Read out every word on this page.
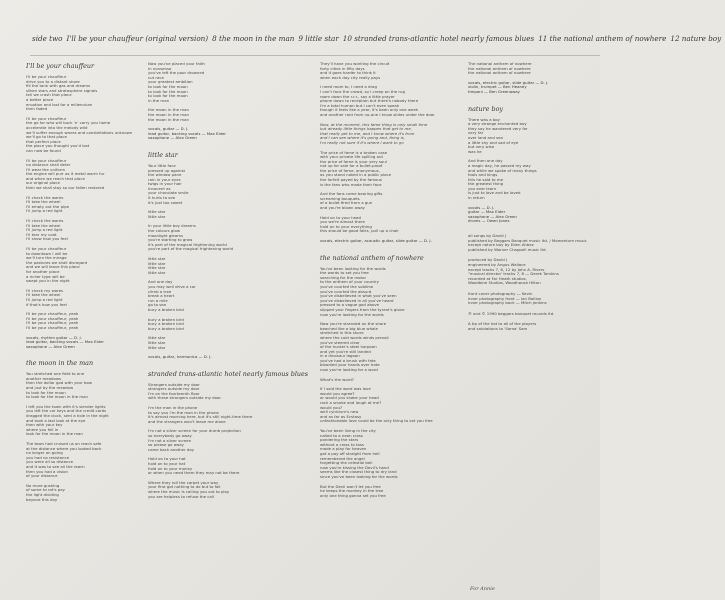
side two I'll be your chauffeur (original version) 8 the moon in the man 9 little star 10 stranded trans-atlantic hotel nearly famous blues 11 the national anthem of nowhere 12 nature boy
I'll be your chauffeur
I'll be your chauffeur
drive you to a distant shore
fill the tank with gas and dreams
silken stars and stratosphere signals
tell we crash that place
a better place
eruption and lost for a millennium
then faded
I'll be your chauffeur
the go for who will buck 'n' carry you home
accelerate into the melody wild
we'll suffer enough waves and constellations unknown
we'll go to that place
that perfect place
the place you thought you'd lost
can now be found
I'll be your chauffeur
no distance shall deter
I'll wear the uniform
the engine will purr as it metal warm fur
and when we reach that place
our original place
then we shall stay so our fallen restored
I'll check the wares
I'll take the wheel
I'll empty out the pipe
I'll jump a red light
I'll check the wares
I'll take the wheel
I'll jump a red light
I'll tear my coat
I'll show how you feel
I'll be your chauffeur
to downtown I will be
we'll turn the mirage
the pastures we shall disregard
and we will leave this place
for another place
a richer type will be
swept you in the night
I'll check my wares
I'll take the wheel
I'll jump a red light
if that's how you feel
I'll be your chauffeur, yeah
I'll be your chauffeur, yeah
I'll be your chauffeur, yeah
I'll be your chauffeur, yeah
vocals, rhythm guitar — D. J.
lead guitar, backing vocals — Max Eider
saxophone — Alex Green
the moon in the man
You stretched one field to one
another meadows
then the dollar god with your bow
and just by the meadow
to look for the moon
to look for the moon in the man
I left you the town with it's slender lights
you left the car keys and the credit cards
dragged the clock, sent a hole in the night
and took a last look at the eye
then with your key
where you fell in
look for the moon in the man
The town had cruised us on reach safe
at the distance where you looked back
no longer on going
you had no resistance
you were all so distance
and it was to see all the reach
then you had a vision
of your distance
No more gushing
of some to rat's pay
the light dividing
beyond this day
Now you've placed your faith
in nonsense
you've left the poor drowned
cut race
your greatest ambition
to look for the moon
to look for the moon
to look for the moon
in the man
the moon in the man
the moon in the man
the moon in the man
vocals, guitar — D. J.
lead guitar, backing vocals — Max Eider
saxophone — Alex Green
little star
Your little face
pressed up against
the window pane
rain in your eyes
twigs in your hair
innocent as
your chocolate smile
it hurts to see
it's just too sweet
little star
little star
In your little boy dreams
the colours glow
moonlight gleams
you're starting to grow
it's part of the magical frightening world
you're part of the magical frightening world
little star
little star
little star
little star
And one day
you may well drive a car
climb a tree
break a heart
run a mile
go to sea
bury a broken bird
bury a broken bird
bury a broken bird
bury a broken bird
little star
little star
little star
vocals, guitar, harmonica — D. J.
stranded trans-atlantic hotel nearly famous blues
Strangers outside my door
strangers outside my door
I'm on the fourteenth floor
with these strangers outside my door
I'm the man in the phone
to say you I'm the man in the phone
it's almost morning here, but it's still night-time there
and the strangers won't leave me alone
I'm not a silver screen for your dumb projection
so everybody go away
I'm not a silver screen
so please go away
come back another day
Hold on to your hat
hold on to your hat
hold on to your money
or when you need them they may not be there
Where they roll the carpet your way
your first got nothing to do but to fall
where the music is calling you out to play
you are helpless to refuse the call
They'll have you working the circuit
forty cities in fifty days
and it goes harder to think it
when each day city really pays
I need room to, I need a drag
I can't face the crowd, so I creep on the rug
room down the r.r.r., say a little prayer
phone down to reception but there's nobody there
I'm a total human but I can't even speak
though it feels like a year, it's been only one week
and another rant from no-one I know slides under the door
Now, at the moment, this fame thing is only small time
but already little things happen that get to me,
that really get to me, and I know where it's from
and I can see where it's going and, thing is,
I'm really not sure if it's where I want to go
The price of fame is a broken case
with your private life spilling out
the price of fame is your very soul
not up for sale for a bullet-proof
the price of fame, anonymous,
as you stand naked in a public place
the forfeit payed by the famous
is the fans who made their face
And the fans come bearing gifts
screaming bouquets
of a bullet fired from a gun
and you're blown away
Hold on to your head
you we're almost there
hold on to your everything
this should be good folks, pull up a chair
vocals, electric guitar, acoustic guitar, slide guitar — D. J.
the national anthem of nowhere
You've been looking for the words
the words to set you free
searching for the motor
to the anthem of your country
you've courted the sublime
you've courted the absurd
you've disbelieved in what you've seen
you've disbelieved in all you've heard
pressed to a vague god above
slipped your fingers from the tyrant's glove
now you're looking for the words
Now you're stranded on the shore
beached like a big blue whale
stretched in this shore
where the cold words winds prevail
you've steered clear
of the hunter's steel harpoon
and yet you're still landed
in a dinosaur lagoon
you've had a brush with fate
bloodied your hands over hate
now you're looking for a word
What's the word?
If I said the word was love
would you agree?
or would you shake your head
rock a smoke and laugh at me?
would you?
well cynicism's new
and as far as Ecstasy
unfashionable love could be the only thing to set you free
You've been living in the city
nailed to a neon cross
pondering the stars
without a cross to toss
made a play for heaven
got a pay off straight from hell
remembered the angel
forgetting the celestial bell
now you're kissing the Devil's hand
seems like the closest thing to dry land
since you've been looking for the words
But the Devil won't let you free
he keeps the monkey in the tree
only one thing gonna set you free
The national anthem of nowhere
the national anthem of nowhere
the national anthem of nowhere
vocals, electric guitar, slide guitar — D. J.
violin, trumpet — Ben Heaney
timpani — Ben Greenaway
nature boy
There was a boy
a very strange enchanted boy
they say he wandered very far
very far
over land and sea
a little shy and sad of eye
but very wise
was he
And then one day
a magic day, he passed my way
and while we spoke of many things
fools and kings
this he said to me
the greatest thing
you ever learn
is just to love and be loved
in return
vocals — D. J.
guitar — Max Eider
saxophone — Alex Green
drums — Owen Jones
all songs by David J
published by Beggars Banquet music ltd. / Momentum music
except nature boy by Eden Ahbez
published by Warner Chappell music ltd.
produced by David J
engineered by Angus Wallace
except tracks 7, 8, 12 by John A. Rivers
"musical director' tracks 7, 8 — Derek Tomkins
recorded at Far Heath studios,
Woodbine Studios, Woodhouse Hilton
front cover photography — Kevin
inner photography front — Ian Bollion
inner photography back — Mitch Jenkins
℗ and © 1990 beggars banquet records ltd.
A tip of the hat to all of the players
and salutations to 'Soma' Sam
For Annie
